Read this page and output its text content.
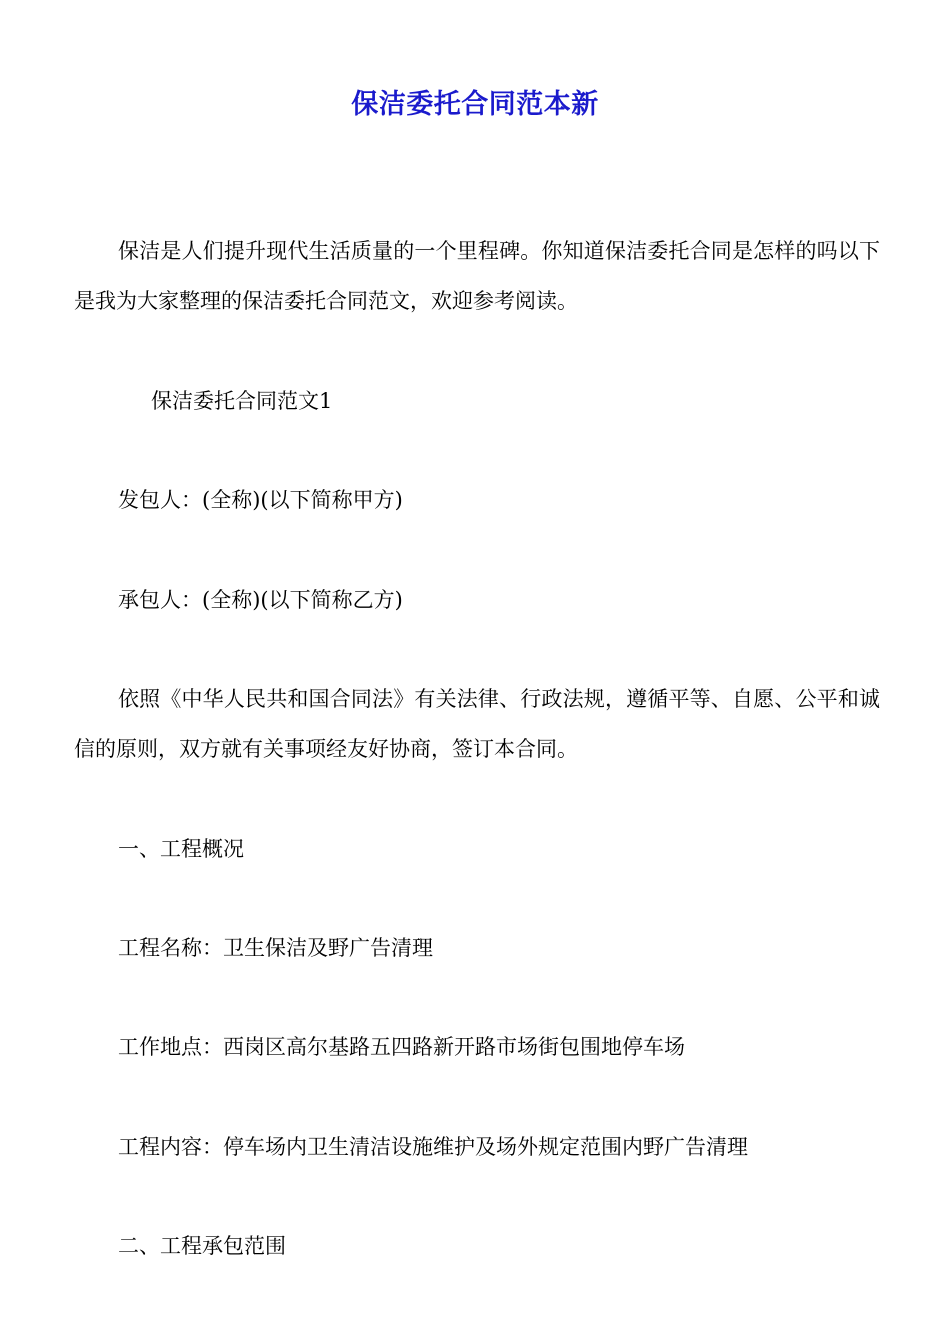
保洁委托合同范本新
保洁是人们提升现代生活质量的一个里程碑。你知道保洁委托合同是怎样的吗以下是我为大家整理的保洁委托合同范文，欢迎参考阅读。
保洁委托合同范文1
发包人：(全称)(以下简称甲方)
承包人：(全称)(以下简称乙方)
依照《中华人民共和国合同法》有关法律、行政法规，遵循平等、自愿、公平和诚信的原则，双方就有关事项经友好协商，签订本合同。
一、工程概况
工程名称：卫生保洁及野广告清理
工作地点：西岗区高尔基路五四路新开路市场街包围地停车场
工程内容：停车场内卫生清洁设施维护及场外规定范围内野广告清理
二、工程承包范围
